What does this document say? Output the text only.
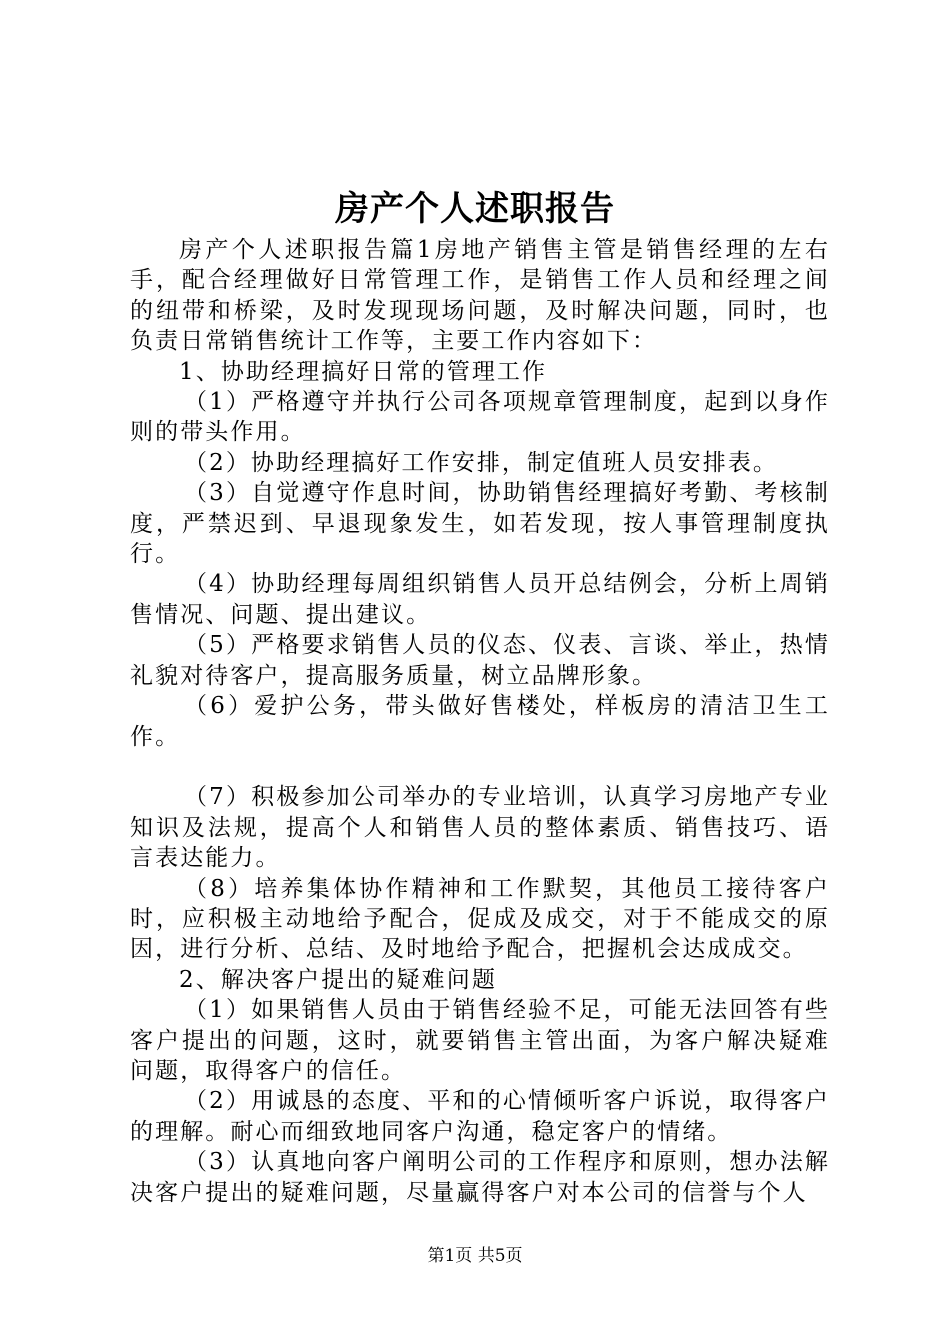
房产个人述职报告

房产个人述职报告篇1房地产销售主管是销售经理的左右手，配合经理做好日常管理工作，是销售工作人员和经理之间的纽带和桥梁，及时发现现场问题，及时解决问题，同时，也负责日常销售统计工作等，主要工作内容如下：

1、协助经理搞好日常的管理工作

（1）严格遵守并执行公司各项规章管理制度，起到以身作则的带头作用。

（2）协助经理搞好工作安排，制定值班人员安排表。

（3）自觉遵守作息时间，协助销售经理搞好考勤、考核制度，严禁迟到、早退现象发生，如若发现，按人事管理制度执行。

（4）协助经理每周组织销售人员开总结例会，分析上周销售情况、问题、提出建议。

（5）严格要求销售人员的仪态、仪表、言谈、举止，热情礼貌对待客户，提高服务质量，树立品牌形象。

（6）爱护公务，带头做好售楼处，样板房的清洁卫生工作。

（7）积极参加公司举办的专业培训，认真学习房地产专业知识及法规，提高个人和销售人员的整体素质、销售技巧、语言表达能力。

（8）培养集体协作精神和工作默契，其他员工接待客户时，应积极主动地给予配合，促成及成交，对于不能成交的原因，进行分析、总结、及时地给予配合，把握机会达成成交。

2、解决客户提出的疑难问题

（1）如果销售人员由于销售经验不足，可能无法回答有些客户提出的问题，这时，就要销售主管出面，为客户解决疑难问题，取得客户的信任。

（2）用诚恳的态度、平和的心情倾听客户诉说，取得客户的理解。耐心而细致地同客户沟通，稳定客户的情绪。

（3）认真地向客户阐明公司的工作程序和原则，想办法解决客户提出的疑难问题，尽量赢得客户对本公司的信誉与个人

第1页 共5页
